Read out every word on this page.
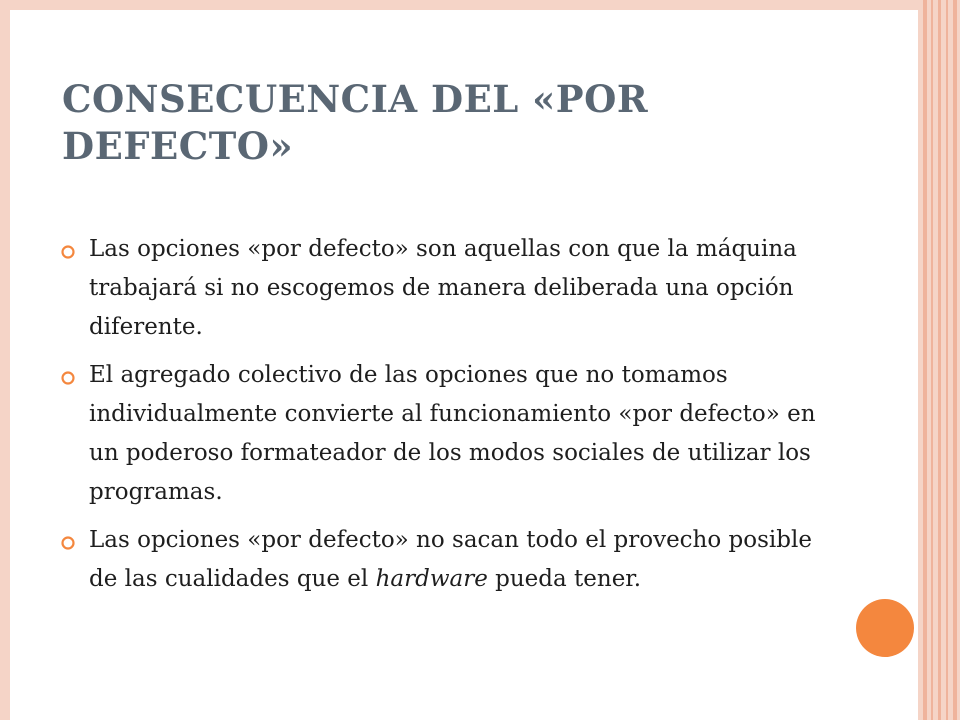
CONSECUENCIA DEL «POR DEFECTO»
Las opciones «por defecto» son aquellas con que la máquina trabajará si no escogemos de manera deliberada una opción diferente.
El agregado colectivo de las opciones que no tomamos individualmente convierte al funcionamiento «por defecto» en un poderoso formateador de los modos sociales de utilizar los programas.
Las opciones «por defecto» no sacan todo el provecho posible de las cualidades que el hardware pueda tener.
